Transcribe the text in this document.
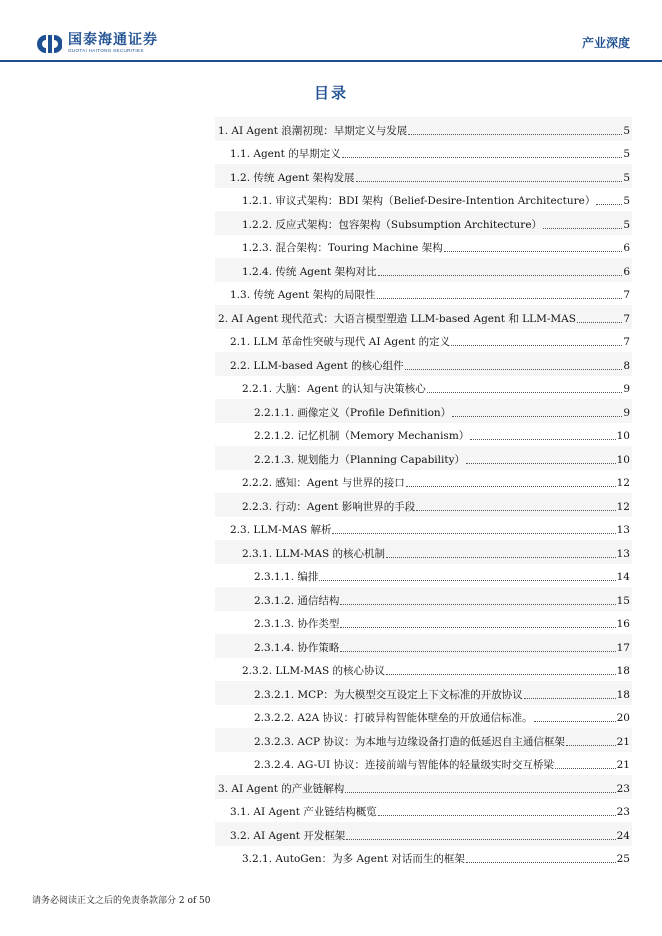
国泰海通证券
GUOTAI HAITONG SECURITIES
产业深度
目录
1. AI Agent 浪潮初现：早期定义与发展	5
1.1. Agent 的早期定义	5
1.2. 传统 Agent 架构发展	5
1.2.1. 审议式架构：BDI 架构（Belief-Desire-Intention Architecture）	5
1.2.2. 反应式架构：包容架构（Subsumption Architecture）	5
1.2.3. 混合架构：Touring Machine 架构	6
1.2.4. 传统 Agent 架构对比	6
1.3. 传统 Agent 架构的局限性	7
2. AI Agent 现代范式：大语言模型塑造 LLM-based Agent 和 LLM-MAS	7
2.1. LLM 革命性突破与现代 AI Agent 的定义	7
2.2. LLM-based Agent 的核心组件	8
2.2.1. 大脑：Agent 的认知与决策核心	9
2.2.1.1. 画像定义（Profile Definition）	9
2.2.1.2. 记忆机制（Memory Mechanism）	10
2.2.1.3. 规划能力（Planning Capability）	10
2.2.2. 感知：Agent 与世界的接口	12
2.2.3. 行动：Agent 影响世界的手段	12
2.3. LLM-MAS 解析	13
2.3.1. LLM-MAS 的核心机制	13
2.3.1.1. 编排	14
2.3.1.2. 通信结构	15
2.3.1.3. 协作类型	16
2.3.1.4. 协作策略	17
2.3.2. LLM-MAS 的核心协议	18
2.3.2.1. MCP：为大模型交互设定上下文标准的开放协议	18
2.3.2.2. A2A 协议：打破异构智能体壁垒的开放通信标准。	20
2.3.2.3. ACP 协议：为本地与边缘设备打造的低延迟自主通信框架	21
2.3.2.4. AG-UI 协议：连接前端与智能体的轻量级实时交互桥梁	21
3. AI Agent 的产业链解构	23
3.1. AI Agent 产业链结构概览	23
3.2. AI Agent 开发框架	24
3.2.1. AutoGen：为多 Agent 对话而生的框架	25
请务必阅读正文之后的免责条款部分 2 of 50
